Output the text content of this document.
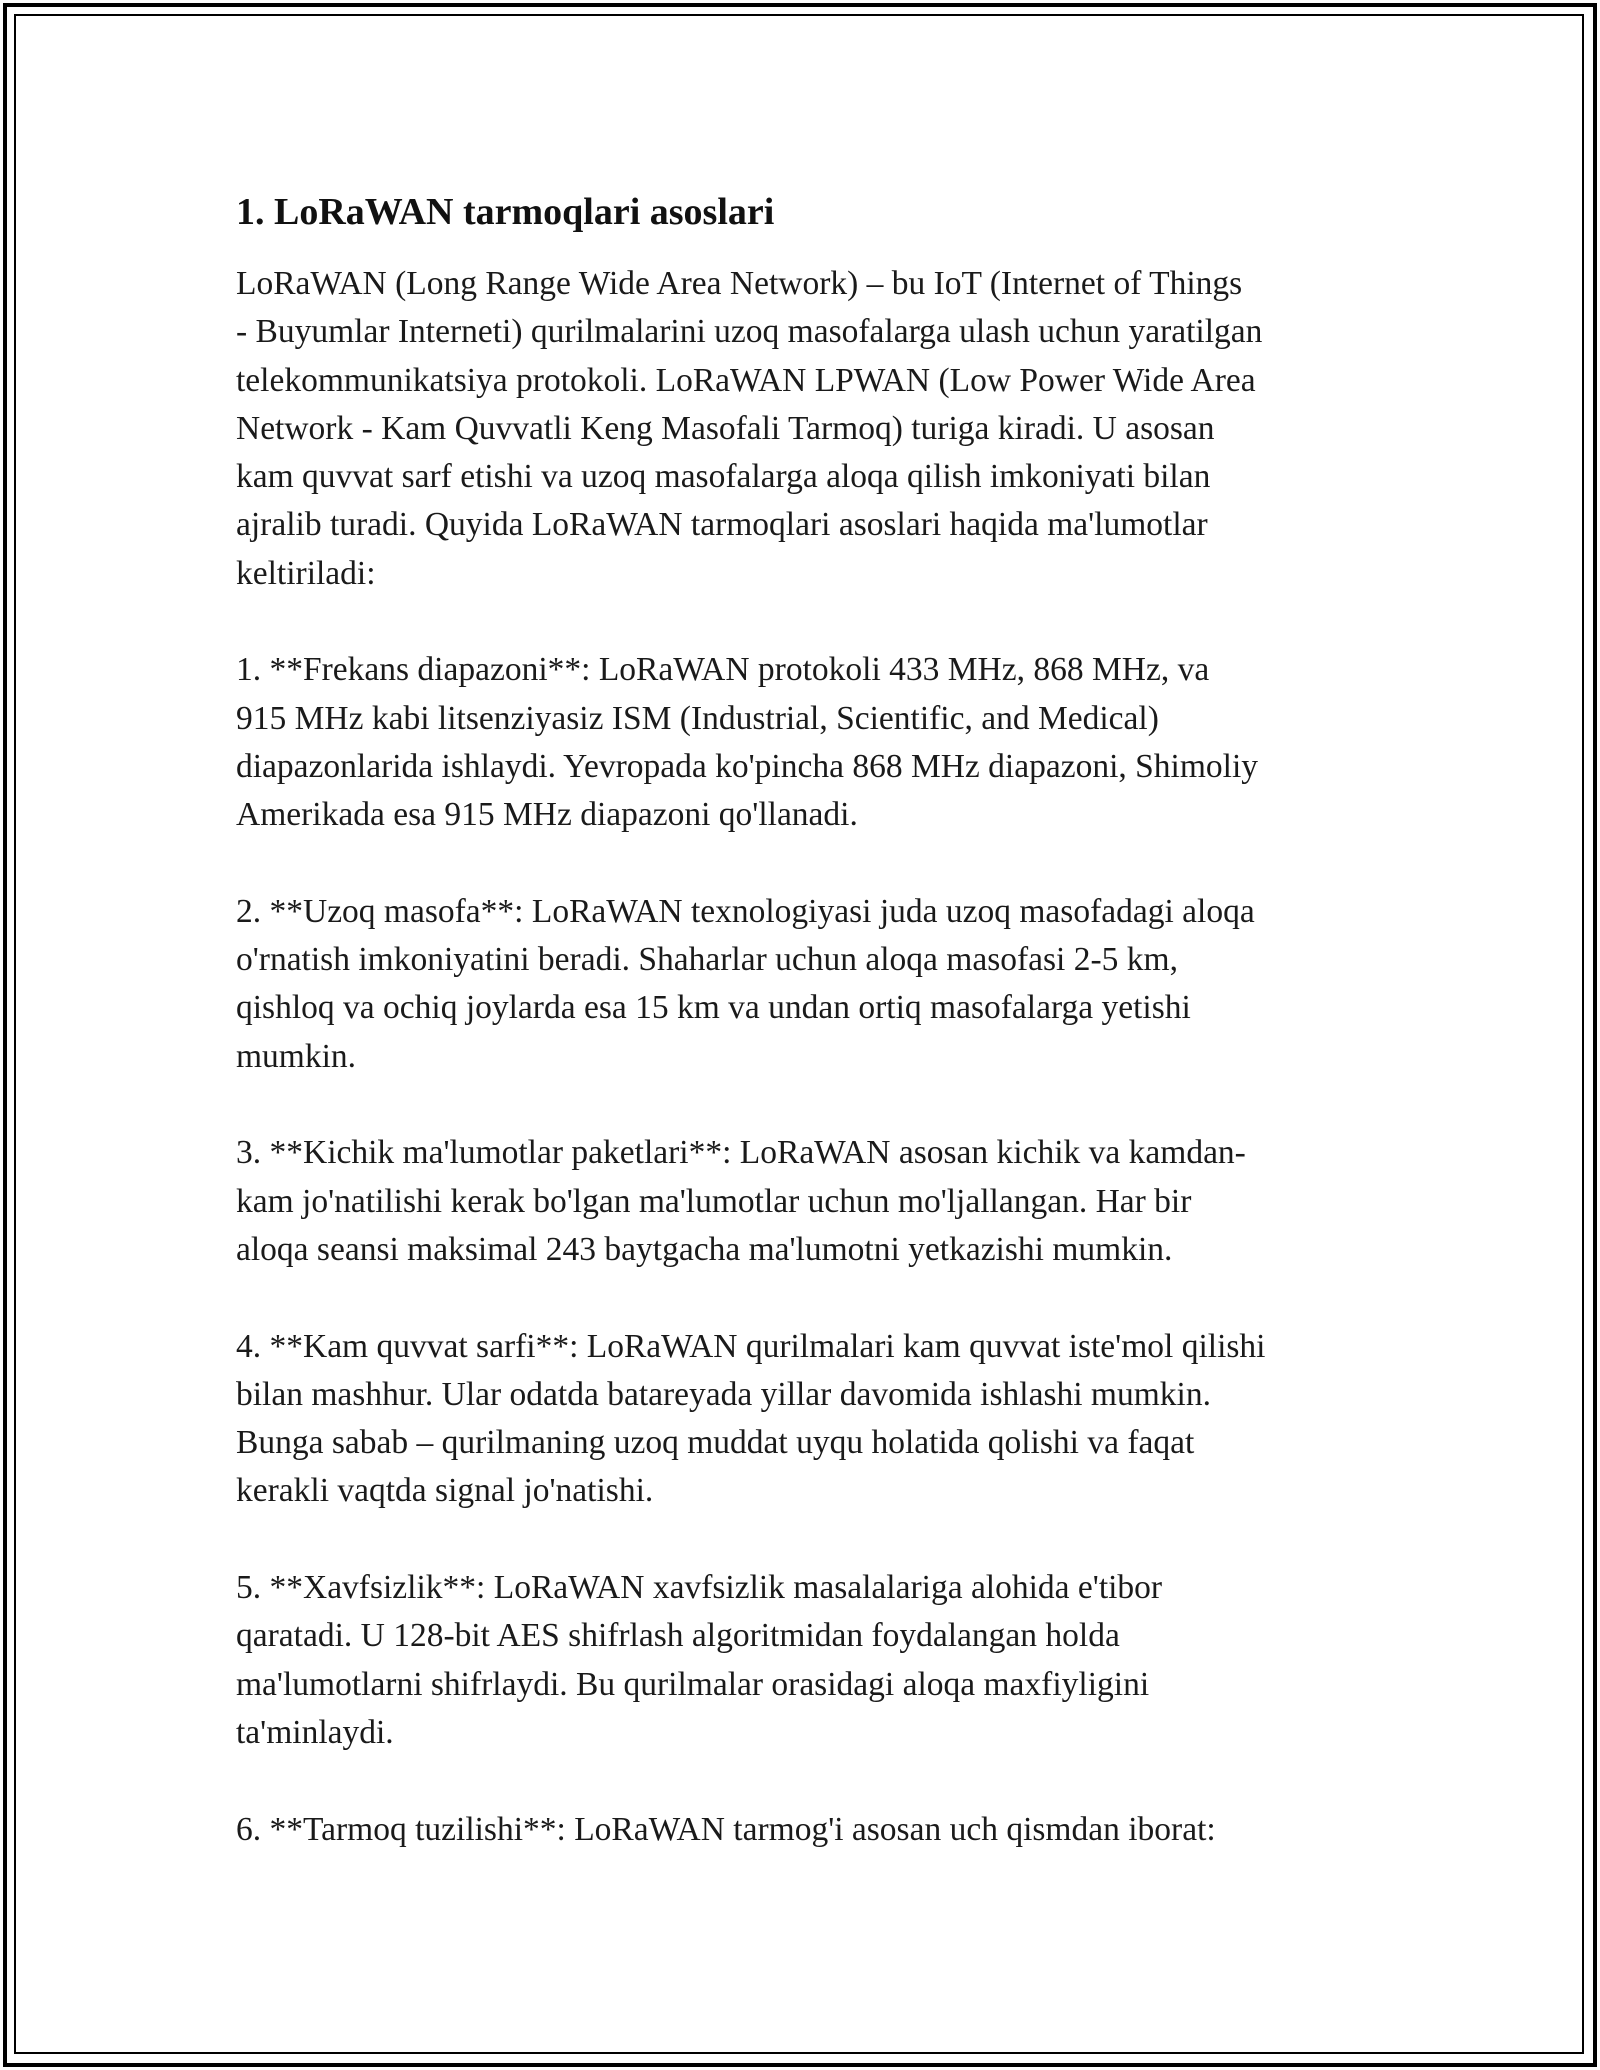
1. LoRaWAN tarmoqlari asoslari

LoRaWAN (Long Range Wide Area Network) – bu IoT (Internet of Things
- Buyumlar Interneti) qurilmalarini uzoq masofalarga ulash uchun yaratilgan
telekommunikatsiya protokoli. LoRaWAN LPWAN (Low Power Wide Area
Network - Kam Quvvatli Keng Masofali Tarmoq) turiga kiradi. U asosan
kam quvvat sarf etishi va uzoq masofalarga aloqa qilish imkoniyati bilan
ajralib turadi. Quyida LoRaWAN tarmoqlari asoslari haqida ma'lumotlar
keltiriladi:

1. **Frekans diapazoni**: LoRaWAN protokoli 433 MHz, 868 MHz, va
915 MHz kabi litsenziyasiz ISM (Industrial, Scientific, and Medical)
diapazonlarida ishlaydi. Yevropada ko'pincha 868 MHz diapazoni, Shimoliy
Amerikada esa 915 MHz diapazoni qo'llanadi.

2. **Uzoq masofa**: LoRaWAN texnologiyasi juda uzoq masofadagi aloqa
o'rnatish imkoniyatini beradi. Shaharlar uchun aloqa masofasi 2-5 km,
qishloq va ochiq joylarda esa 15 km va undan ortiq masofalarga yetishi
mumkin.

3. **Kichik ma'lumotlar paketlari**: LoRaWAN asosan kichik va kamdan-
kam jo'natilishi kerak bo'lgan ma'lumotlar uchun mo'ljallangan. Har bir
aloqa seansi maksimal 243 baytgacha ma'lumotni yetkazishi mumkin.

4. **Kam quvvat sarfi**: LoRaWAN qurilmalari kam quvvat iste'mol qilishi
bilan mashhur. Ular odatda batareyada yillar davomida ishlashi mumkin.
Bunga sabab – qurilmaning uzoq muddat uyqu holatida qolishi va faqat
kerakli vaqtda signal jo'natishi.

5. **Xavfsizlik**: LoRaWAN xavfsizlik masalalariga alohida e'tibor
qaratadi. U 128-bit AES shifrlash algoritmidan foydalangan holda
ma'lumotlarni shifrlaydi. Bu qurilmalar orasidagi aloqa maxfiyligini
ta'minlaydi.

6. **Tarmoq tuzilishi**: LoRaWAN tarmog'i asosan uch qismdan iborat:
